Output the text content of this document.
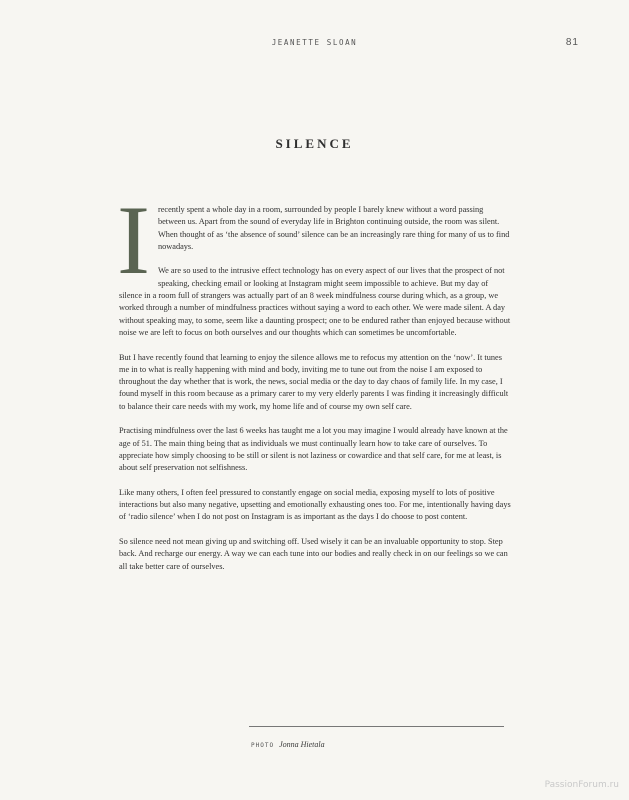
JEANETTE SLOAN	81
SILENCE

Irecently spent a whole day in a room, surrounded by people I barely knew without a word passing between us. Apart from the sound of everyday life in Brighton continuing outside, the room was silent. When thought of as ‘the absence of sound’ silence can be an increasingly rare thing for many of us to find nowadays.

We are so used to the intrusive effect technology has on every aspect of our lives that the prospect of not speaking, checking email or looking at Instagram might seem impossible to achieve. But my day of silence in a room full of strangers was actually part of an 8 week mindfulness course during which, as a group, we worked through a number of mindfulness practices without saying a word to each other. We were made silent. A day without speaking may, to some, seem like a daunting prospect; one to be endured rather than enjoyed because without noise we are left to focus on both ourselves and our thoughts which can sometimes be uncomfortable.

But I have recently found that learning to enjoy the silence allows me to refocus my attention on the ‘now’. It tunes me in to what is really happening with mind and body, inviting me to tune out from the noise I am exposed to throughout the day whether that is work, the news, social media or the day to day chaos of family life. In my case, I found myself in this room because as a primary carer to my very elderly parents I was finding it increasingly difficult to balance their care needs with my work, my home life and of course my own self care.

Practising mindfulness over the last 6 weeks has taught me a lot you may imagine I would already have known at the age of 51. The main thing being that as individuals we must continually learn how to take care of ourselves. To appreciate how simply choosing to be still or silent is not laziness or cowardice and that self care, for me at least, is about self preservation not selfishness.

Like many others, I often feel pressured to constantly engage on social media, exposing myself to lots of positive interactions but also many negative, upsetting and emotionally exhausting ones too. For me, intentionally having days of ‘radio silence’ when I do not post on Instagram is as important as the days I do choose to post content.

So silence need not mean giving up and switching off. Used wisely it can be an invaluable opportunity to stop. Step back. And recharge our energy. A way we can each tune into our bodies and really check in on our feelings so we can all take better care of ourselves.

PHOTO Jonna Hietala
PassionForum.ru
